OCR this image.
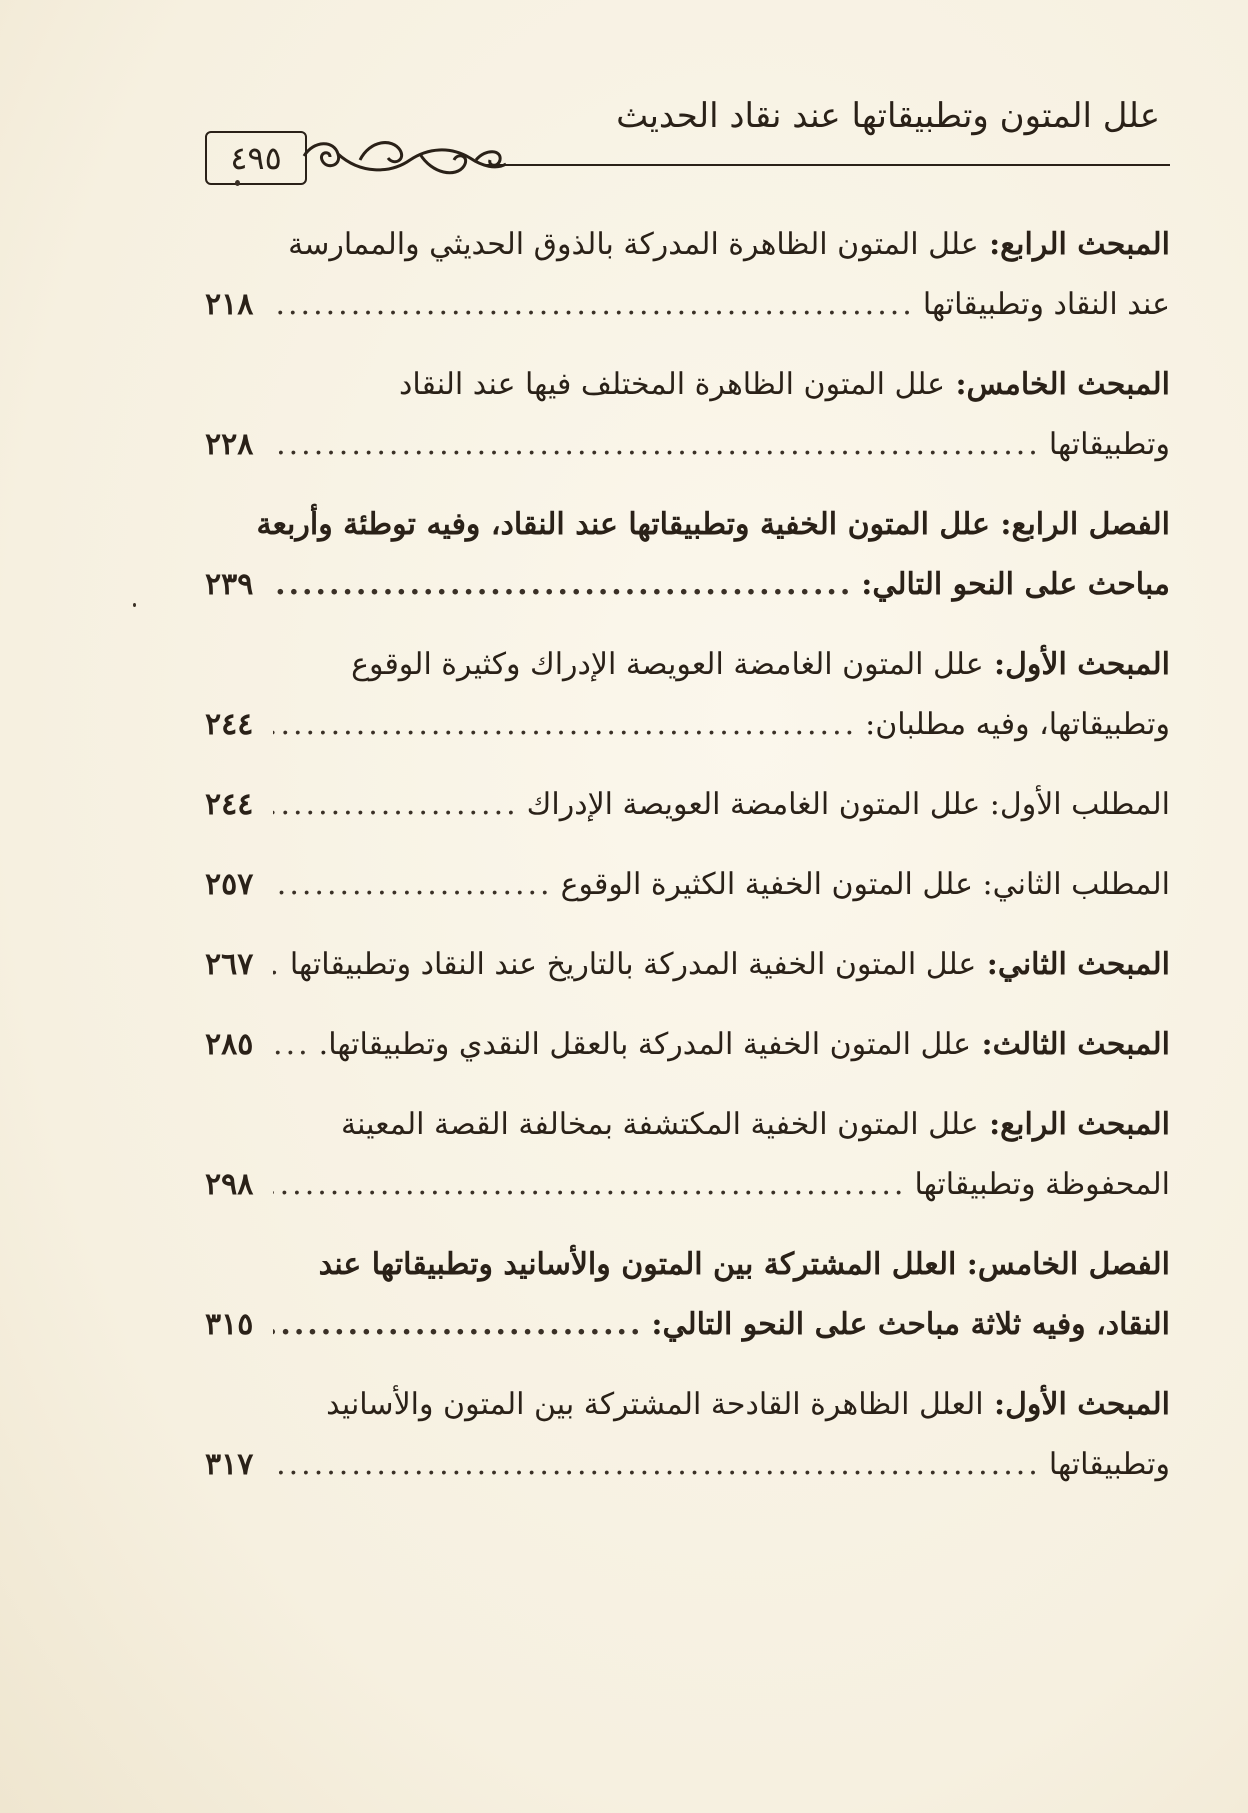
علل المتون وتطبيقاتها عند نقاد الحديث
٤٩٥
المبحث الرابع: علل المتون الظاهرة المدركة بالذوق الحديثي والممارسة
عند النقاد وتطبيقاتها
.....
٢١٨
المبحث الخامس: علل المتون الظاهرة المختلف فيها عند النقاد
وتطبيقاتها
.....
٢٢٨
الفصل الرابع: علل المتون الخفية وتطبيقاتها عند النقاد، وفيه توطئة وأربعة
مباحث على النحو التالي:
.....
٢٣٩
المبحث الأول: علل المتون الغامضة العويصة الإدراك وكثيرة الوقوع
وتطبيقاتها، وفيه مطلبان:
.....
٢٤٤
المطلب الأول: علل المتون الغامضة العويصة الإدراك
.....
٢٤٤
المطلب الثاني: علل المتون الخفية الكثيرة الوقوع
.....
٢٥٧
المبحث الثاني: علل المتون الخفية المدركة بالتاريخ عند النقاد وتطبيقاتها
.....
٢٦٧
المبحث الثالث: علل المتون الخفية المدركة بالعقل النقدي وتطبيقاتها.
.....
٢٨٥
المبحث الرابع: علل المتون الخفية المكتشفة بمخالفة القصة المعينة
المحفوظة وتطبيقاتها
.....
٢٩٨
الفصل الخامس: العلل المشتركة بين المتون والأسانيد وتطبيقاتها عند
النقاد، وفيه ثلاثة مباحث على النحو التالي:
.....
٣١٥
المبحث الأول: العلل الظاهرة القادحة المشتركة بين المتون والأسانيد
وتطبيقاتها
.....
٣١٧
